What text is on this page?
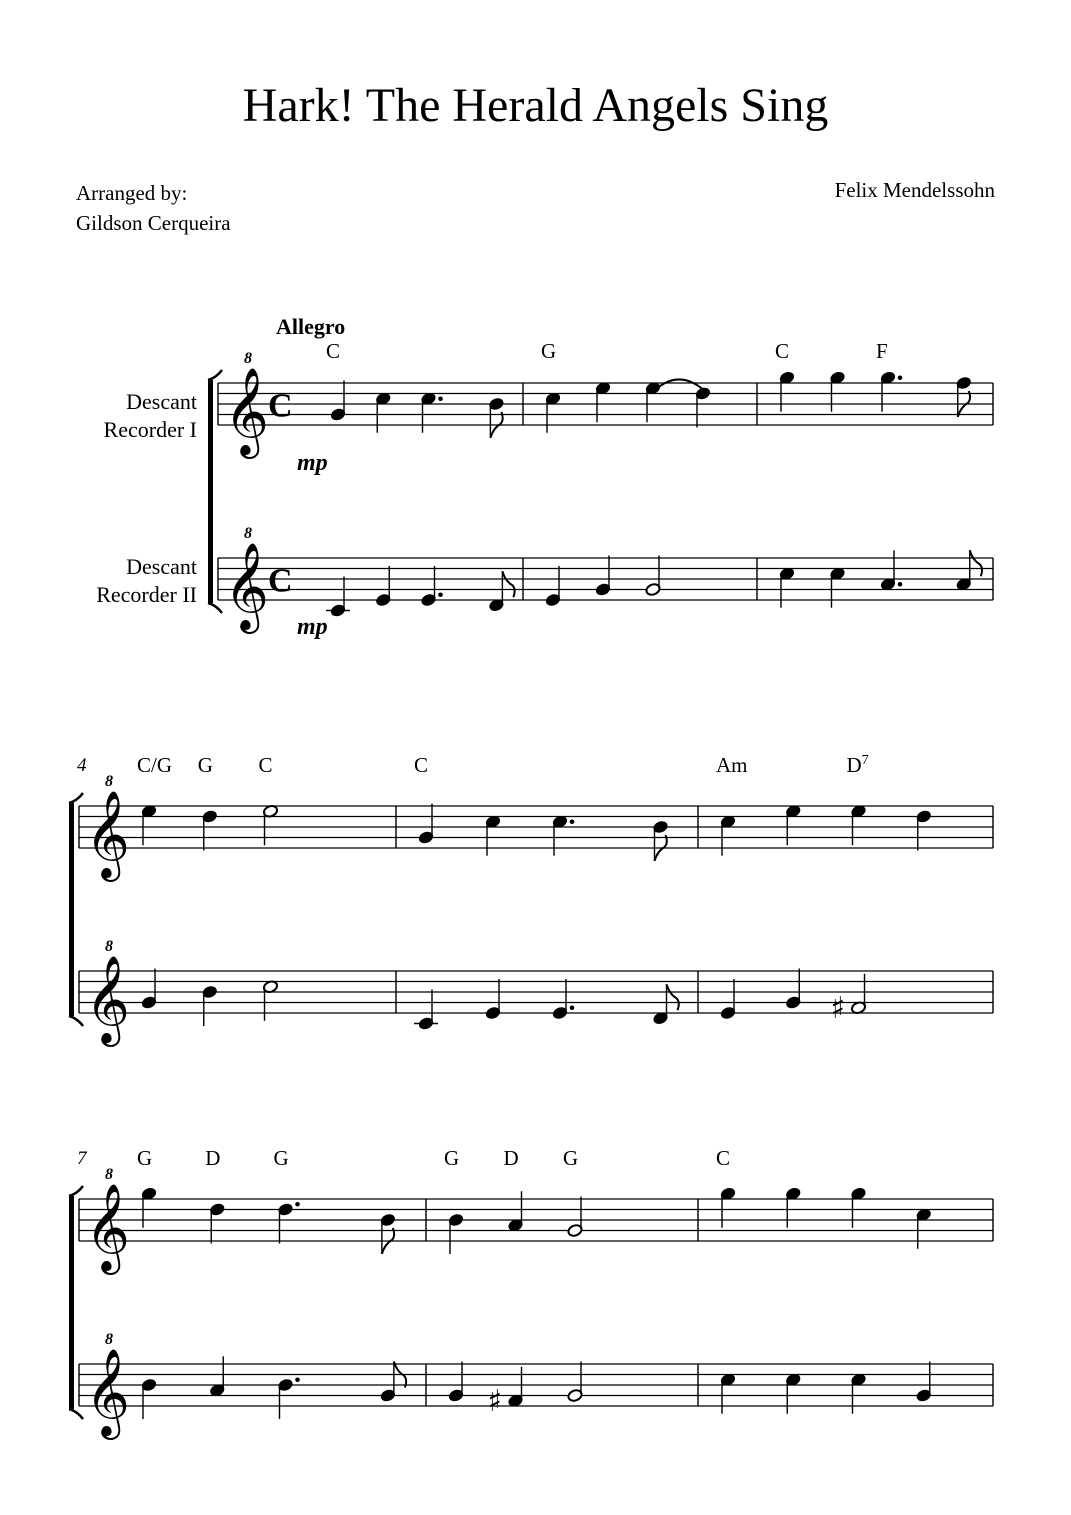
Hark! The Herald Angels Sing
Arranged by:
Gildson Cerqueira
Felix Mendelssohn
𝄞
8
𝄞
8
C
C
C	G	C	F
𝄞
8
𝄞
8
C/G G C	C
♯
Am	$D^7$
𝄞
8
𝄞
8
G	D	G
♯
G D G	C
Allegro
Descant
Recorder I
Descant
Recorder II
mp
mp
4
7
